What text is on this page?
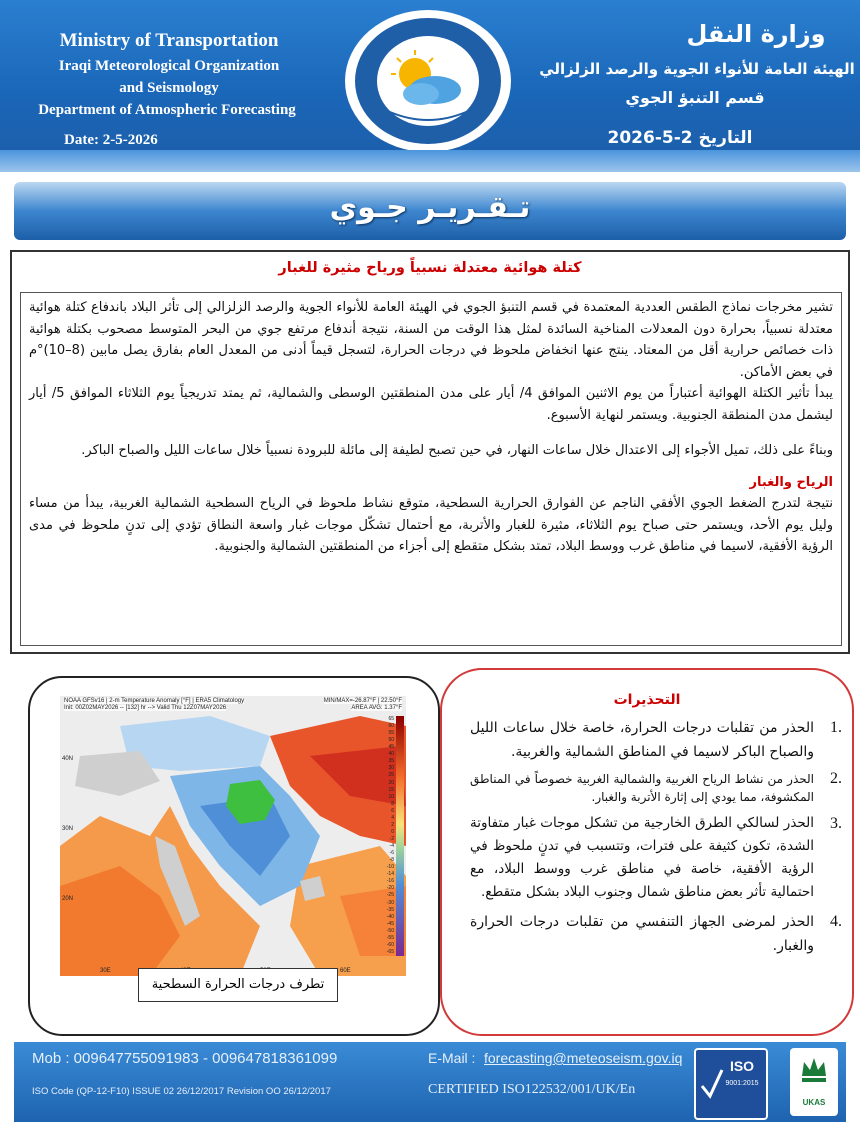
Ministry of Transportation
Iraqi Meteorological Organization
and Seismology
Department of Atmospheric Forecasting
Date: 2-5-2026
وزارة النقل
الهيئة العامة للأنواء الجوية والرصد الزلزالي
قسم التنبؤ الجوي
التاريخ 2-5-2026
تـقـريـر جـوي
كتلة هوائية معتدلة نسبياً ورياح مثيرة للغبار

تشير مخرجات نماذج الطقس العددية المعتمدة في قسم التنبؤ الجوي في الهيئة العامة للأنواء الجوية والرصد الزلزالي إلى تأثر البلاد باندفاع كتلة هوائية معتدلة نسبياً، بحرارة دون المعدلات المناخية السائدة لمثل هذا الوقت من السنة، نتيجة أندفاع مرتفع جوي من البحر المتوسط مصحوب بكتلة هوائية ذات خصائص حرارية أقل من المعتاد. ينتج عنها انخفاض ملحوظ في درجات الحرارة، لتسجل قيماً أدنى من المعدل العام بفارق يصل مابين (8–10)°م في بعض الأماكن.

يبدأ تأثير الكتلة الهوائية أعتباراً من يوم الاثنين الموافق 4/ أيار على مدن المنطقتين الوسطى والشمالية، ثم يمتد تدريجياً يوم الثلاثاء الموافق 5/ أيار ليشمل مدن المنطقة الجنوبية. ويستمر لنهاية الأسبوع.

وبناءً على ذلك، تميل الأجواء إلى الاعتدال خلال ساعات النهار، في حين تصبح لطيفة إلى مائلة للبرودة نسبياً خلال ساعات الليل والصباح الباكر.

الرياح والغبار

نتيجة لتدرج الضغط الجوي الأفقي الناجم عن الفوارق الحرارية السطحية، متوقع نشاط ملحوظ في الرياح السطحية الشمالية الغربية، يبدأ من مساء وليل يوم الأحد، ويستمر حتى صباح يوم الثلاثاء، مثيرة للغبار والأتربة، مع أحتمال تشكّل موجات غبار واسعة النطاق تؤدي إلى تدنٍ ملحوظ في مدى الرؤية الأفقية، لاسيما في مناطق غرب ووسط البلاد، تمتد بشكل متقطع إلى أجزاء من المنطقتين الشمالية والجنوبية.

NOAA GFSv16 | 2-m Temperature Anomaly [°F] | ERA5 Climatology
Init: 00Z02MAY2026 -- [132] hr --> Valid Thu 12Z07MAY2026
MIN/MAX=-26.87°F | 22.50°F
AREA AVG: 1.37°F
40N
30N
20N
30E	60E
65
60
55
50
45
40
35
30
25
20
15
10
8
6
4
2
0
-2
-4
-6
-8
-10
-14
-16
-20
-25
-30
-35
-40
-45
-50
-55
-60
-65
تطرف درجات الحرارة السطحية
التحذيرات
.1
الحذر من تقلبات درجات الحرارة، خاصة خلال ساعات الليل والصباح الباكر لاسيما في المناطق الشمالية والغربية.
.2
الحذر من نشاط الرياح الغربية والشمالية الغربية خصوصاً في المناطق المكشوفة، مما يودي إلى إثارة الأتربة والغبار.
.3
الحذر لسالكي الطرق الخارجية من تشكل موجات غبار متفاوتة الشدة، تكون كثيفة على فترات، وتتسبب في تدنٍ ملحوظ في الرؤية الأفقية، خاصة في مناطق غرب ووسط البلاد، مع احتمالية تأثر بعض مناطق شمال وجنوب البلاد بشكل متقطع.
.4
الحذر لمرضى الجهاز التنفسي من تقلبات درجات الحرارة والغبار.
Mob : 009647755091983 - 009647818361099	E-Mail : forecasting@meteoseism.gov.iq
ISO Code (QP-12-F10) ISSUE 02 26/12/2017 Revision OO 26/12/2017	CERTIFIED ISO122532/001/UK/En
ISO
9001:2015
UKAS
